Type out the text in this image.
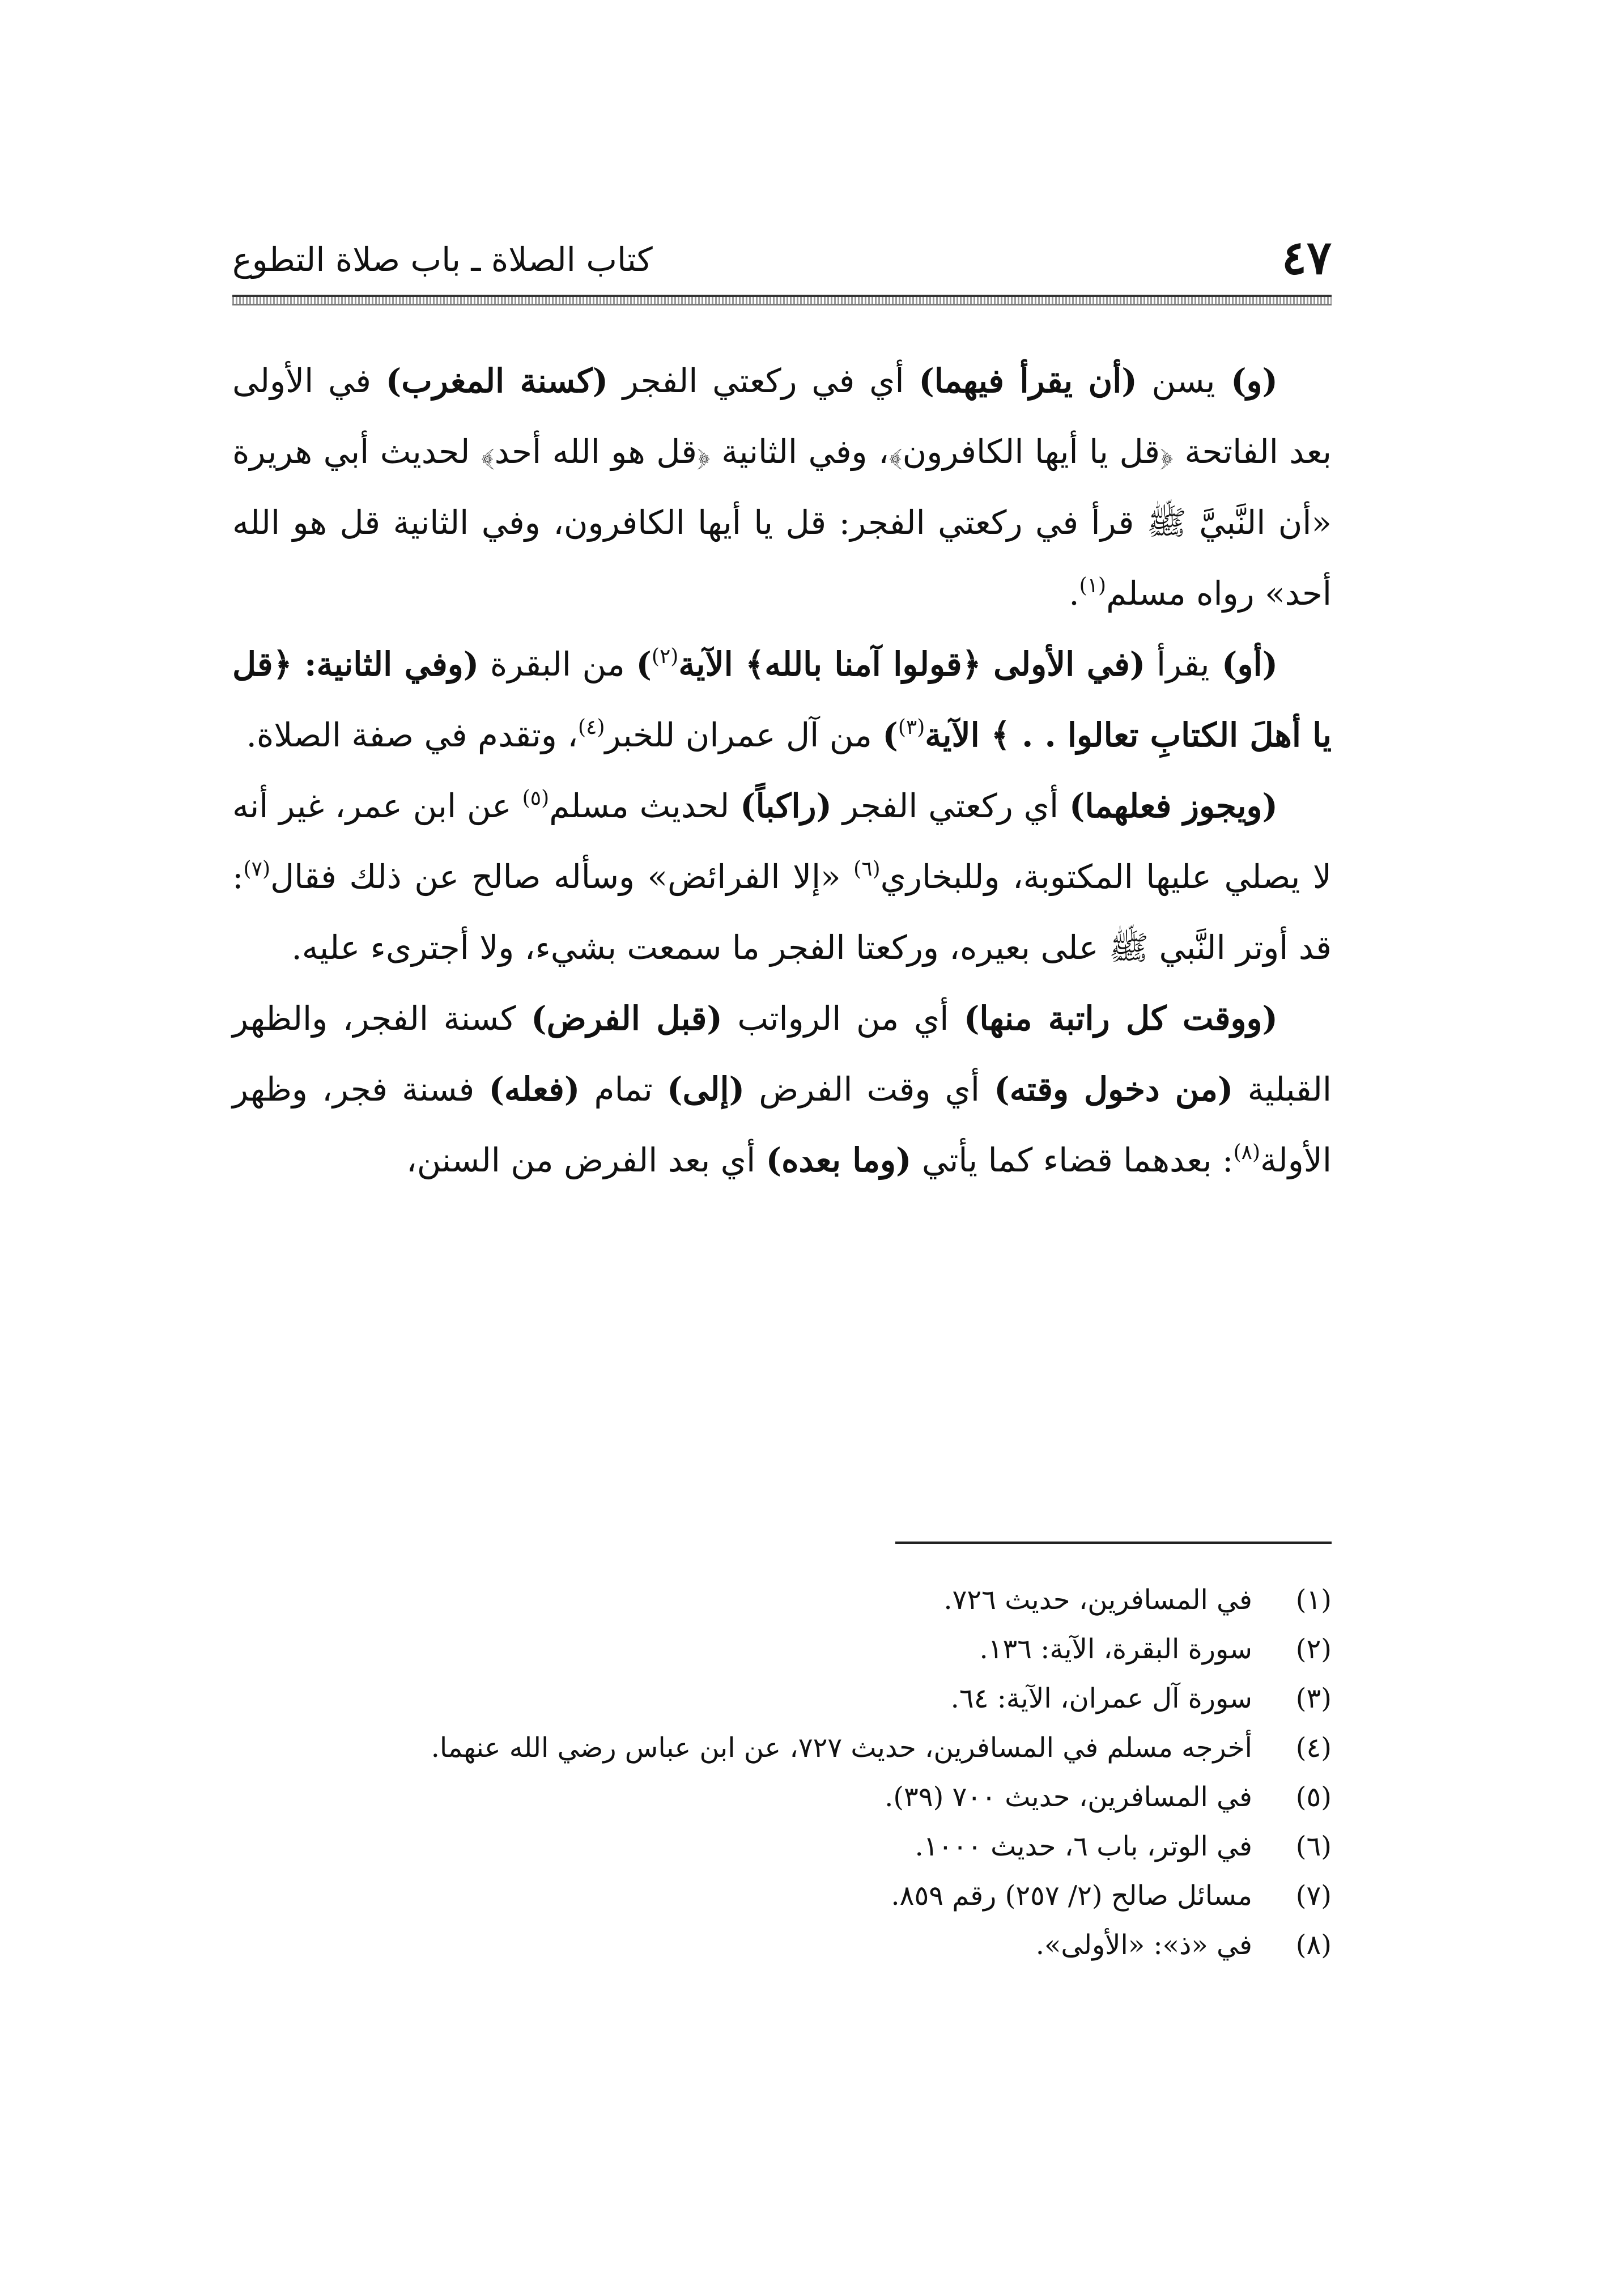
٤٧
كتاب الصلاة ـ باب صلاة التطوع

(و) يسن (أن يقرأ فيهما) أي في ركعتي الفجر (كسنة المغرب) في الأولى بعد الفاتحة ﴿قل يا أيها الكافرون﴾، وفي الثانية ﴿قل هو الله أحد﴾ لحديث أبي هريرة «أن النَّبيَّ ﷺ قرأ في ركعتي الفجر: قل يا أيها الكافرون، وفي الثانية قل هو الله أحد» رواه مسلم$^{(١)}$.

(أو) يقرأ (في الأولى ﴿قولوا آمنا بالله﴾ الآية$^{(٢)}$) من البقرة (وفي الثانية: ﴿قل يا أهلَ الكتابِ تعالوا . . ﴾ الآية$^{(٣)}$) من آل عمران للخبر$^{(٤)}$، وتقدم في صفة الصلاة.

(ويجوز فعلهما) أي ركعتي الفجر (راكباً) لحديث مسلم$^{(٥)}$ عن ابن عمر، غير أنه لا يصلي عليها المكتوبة، وللبخاري$^{(٦)}$ «إلا الفرائض» وسأله صالح عن ذلك فقال$^{(٧)}$: قد أوتر النَّبي ﷺ على بعيره، وركعتا الفجر ما سمعت بشيء، ولا أجترىء عليه.

(ووقت كل راتبة منها) أي من الرواتب (قبل الفرض) كسنة الفجر، والظهر القبلية (من دخول وقته) أي وقت الفرض (إلى) تمام (فعله) فسنة فجر، وظهر الأولة$^{(٨)}$: بعدهما قضاء كما يأتي (وما بعده) أي بعد الفرض من السنن،

(١)
في المسافرين، حديث ٧٢٦.
(٢)
سورة البقرة، الآية: ١٣٦.
(٣)
سورة آل عمران، الآية: ٦٤.
(٤)
أخرجه مسلم في المسافرين، حديث ٧٢٧، عن ابن عباس رضي الله عنهما.
(٥)
في المسافرين، حديث ٧٠٠ (٣٩).
(٦)
في الوتر، باب ٦، حديث ١٠٠٠.
(٧)
مسائل صالح (٢/ ٢٥٧) رقم ٨٥٩.
(٨)
في «ذ»: «الأولى».
